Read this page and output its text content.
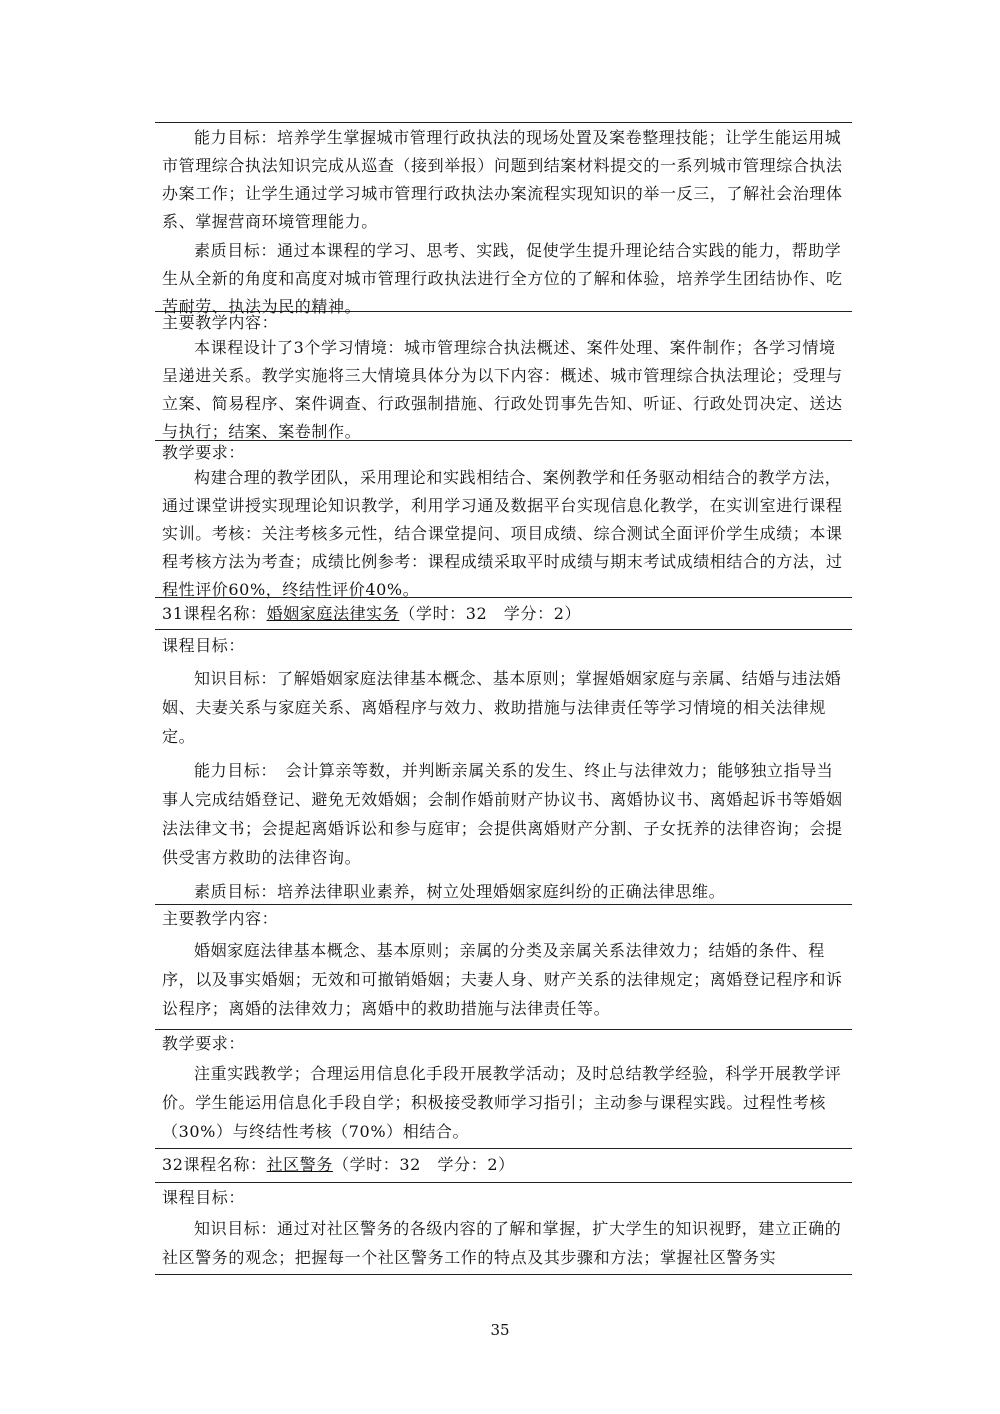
能力目标：培养学生掌握城市管理行政执法的现场处置及案卷整理技能；让学生能运用城市管理综合执法知识完成从巡查（接到举报）问题到结案材料提交的一系列城市管理综合执法办案工作；让学生通过学习城市管理行政执法办案流程实现知识的举一反三，了解社会治理体系、掌握营商环境管理能力。

素质目标：通过本课程的学习、思考、实践，促使学生提升理论结合实践的能力，帮助学生从全新的角度和高度对城市管理行政执法进行全方位的了解和体验，培养学生团结协作、吃苦耐劳、执法为民的精神。

主要教学内容：

本课程设计了3个学习情境：城市管理综合执法概述、案件处理、案件制作；各学习情境呈递进关系。教学实施将三大情境具体分为以下内容：概述、城市管理综合执法理论；受理与立案、简易程序、案件调查、行政强制措施、行政处罚事先告知、听证、行政处罚决定、送达与执行；结案、案卷制作。

教学要求：

构建合理的教学团队，采用理论和实践相结合、案例教学和任务驱动相结合的教学方法，通过课堂讲授实现理论知识教学，利用学习通及数据平台实现信息化教学，在实训室进行课程实训。考核：关注考核多元性，结合课堂提问、项目成绩、综合测试全面评价学生成绩；本课程考核方法为考查；成绩比例参考：课程成绩采取平时成绩与期末考试成绩相结合的方法，过程性评价60%，终结性评价40%。

31课程名称：婚姻家庭法律实务（学时：32　学分：2）
课程目标：

知识目标：了解婚姻家庭法律基本概念、基本原则；掌握婚姻家庭与亲属、结婚与违法婚姻、夫妻关系与家庭关系、离婚程序与效力、救助措施与法律责任等学习情境的相关法律规定。

能力目标：　会计算亲等数，并判断亲属关系的发生、终止与法律效力；能够独立指导当事人完成结婚登记、避免无效婚姻；会制作婚前财产协议书、离婚协议书、离婚起诉书等婚姻法法律文书；会提起离婚诉讼和参与庭审；会提供离婚财产分割、子女抚养的法律咨询；会提供受害方救助的法律咨询。

素质目标：培养法律职业素养，树立处理婚姻家庭纠纷的正确法律思维。

主要教学内容：

婚姻家庭法律基本概念、基本原则；亲属的分类及亲属关系法律效力；结婚的条件、程序，以及事实婚姻；无效和可撤销婚姻；夫妻人身、财产关系的法律规定；离婚登记程序和诉讼程序；离婚的法律效力；离婚中的救助措施与法律责任等。

教学要求：

注重实践教学；合理运用信息化手段开展教学活动；及时总结教学经验，科学开展教学评价。学生能运用信息化手段自学；积极接受教师学习指引；主动参与课程实践。过程性考核（30%）与终结性考核（70%）相结合。

32课程名称：社区警务（学时：32　学分：2）
课程目标：

知识目标：通过对社区警务的各级内容的了解和掌握，扩大学生的知识视野，建立正确的社区警务的观念；把握每一个社区警务工作的特点及其步骤和方法；掌握社区警务实

35
